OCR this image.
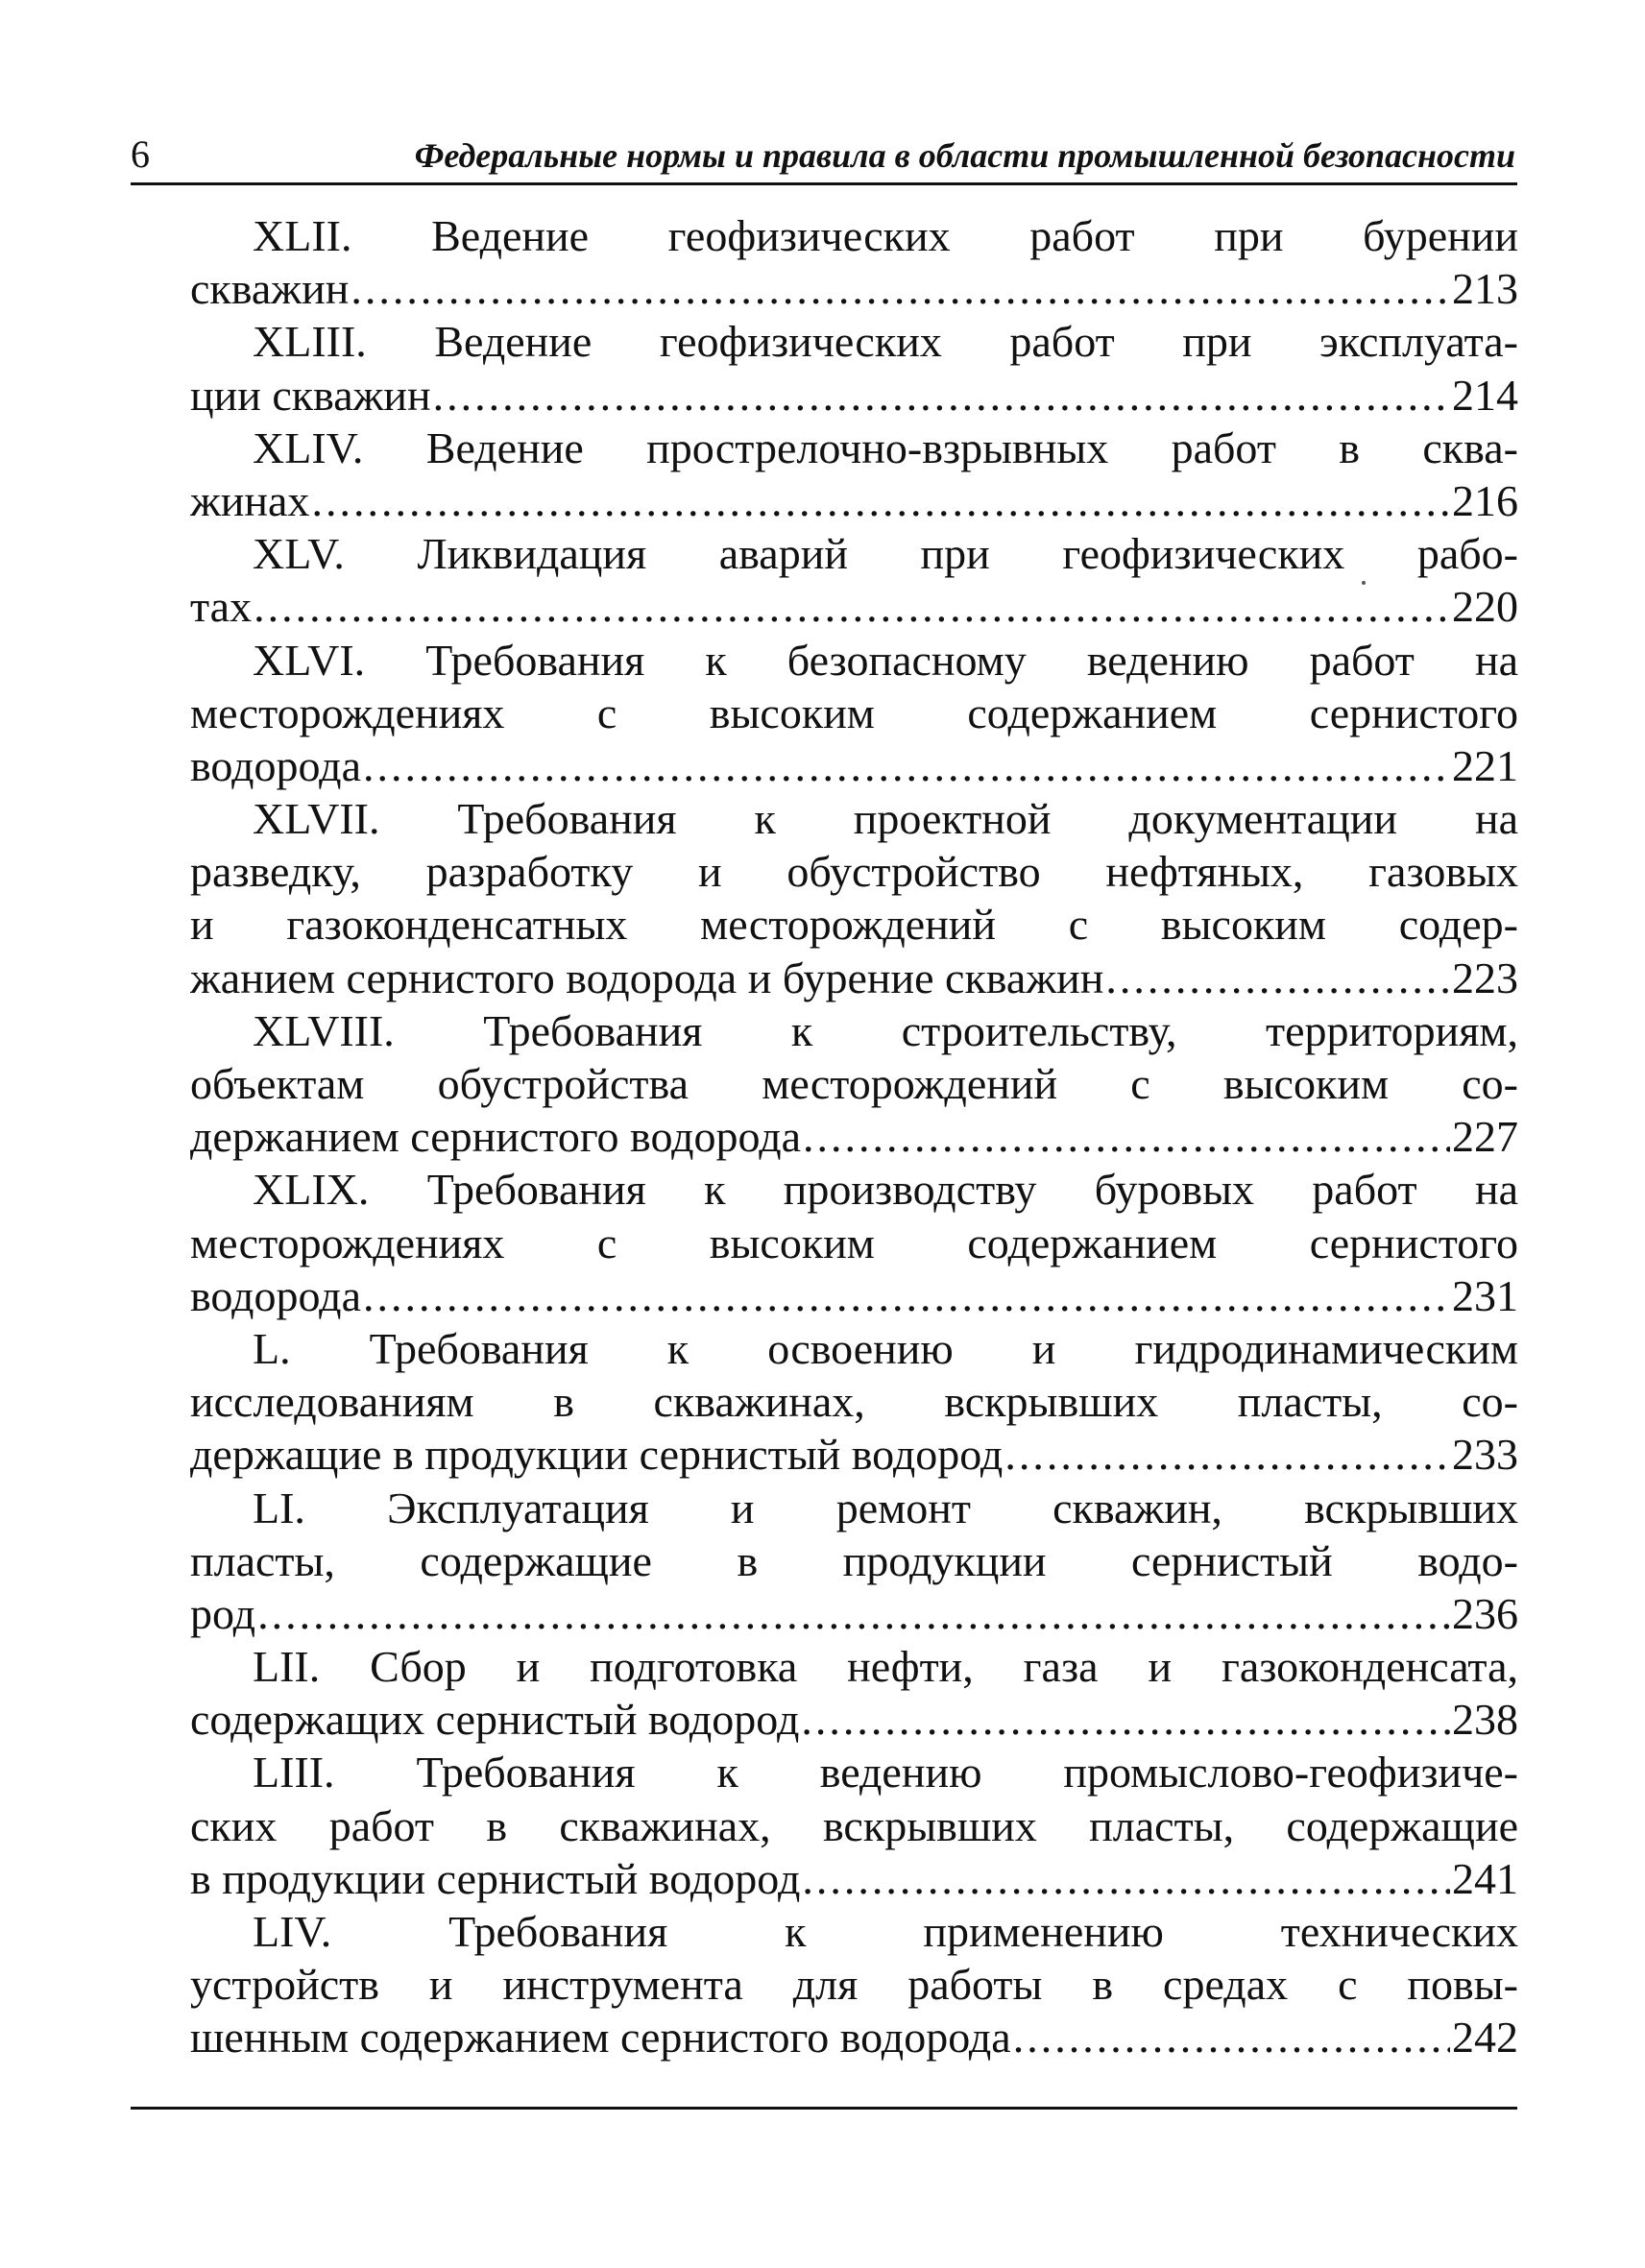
6	Федеральные нормы и правила в области промышленной безопасности
XLII. Ведение геофизических работ при бурении
скважин .....	213
XLIII. Ведение геофизических работ при эксплуата-
ции скважин .....	214
XLIV. Ведение прострелочно-взрывных работ в сква-
жинах .....	216
XLV. Ликвидация аварий при геофизических рабо-
тах .....	220
XLVI. Требования к безопасному ведению работ на
месторождениях с высоким содержанием сернистого
водорода .....	221
XLVII. Требования к проектной документации на
разведку, разработку и обустройство нефтяных, газовых
и газоконденсатных месторождений с высоким содер-
жанием сернистого водорода и бурение скважин .....	223
XLVIII. Требования к строительству, территориям,
объектам обустройства месторождений с высоким со-
держанием сернистого водорода .....	227
XLIX. Требования к производству буровых работ на
месторождениях с высоким содержанием сернистого
водорода .....	231
L. Требования к освоению и гидродинамическим
исследованиям в скважинах, вскрывших пласты, со-
держащие в продукции сернистый водород .....	233
LI. Эксплуатация и ремонт скважин, вскрывших
пласты, содержащие в продукции сернистый водо-
род .....	236
LII. Сбор и подготовка нефти, газа и газоконденсата,
содержащих сернистый водород .....	238
LIII. Требования к ведению промыслово-геофизиче-
ских работ в скважинах, вскрывших пласты, содержащие
в продукции сернистый водород .....	241
LIV. Требования к применению технических
устройств и инструмента для работы в средах с повы-
шенным содержанием сернистого водорода .....	242
